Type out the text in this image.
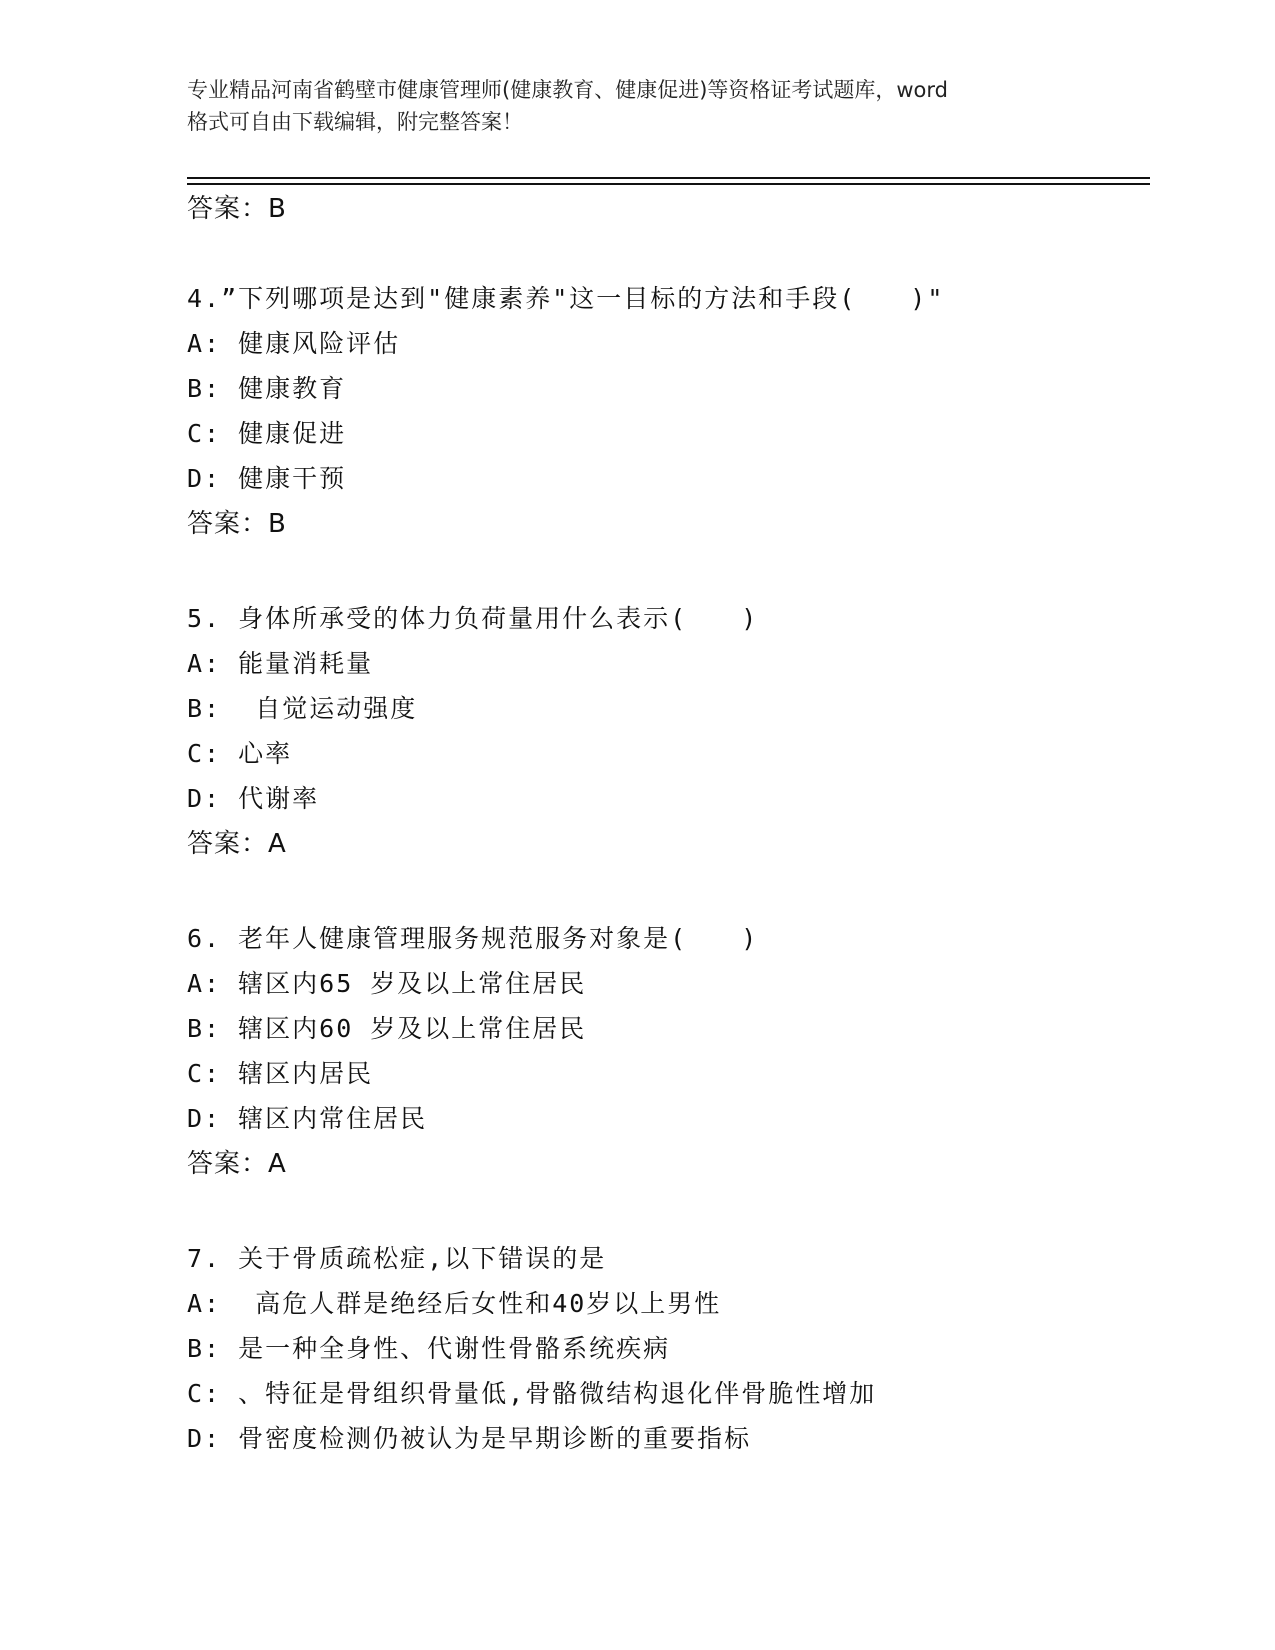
专业精品河南省鹤壁市健康管理师(健康教育、健康促进)等资格证考试题库，word
格式可自由下载编辑，附完整答案！
答案：B
4.”下列哪项是达到"健康素养"这一目标的方法和手段(　　)"
A: 健康风险评估
B: 健康教育
C: 健康促进
D: 健康干预
答案：B
5. 身体所承受的体力负荷量用什么表示(　　)
A: 能量消耗量
B:  自觉运动强度
C: 心率
D: 代谢率
答案：A
6. 老年人健康管理服务规范服务对象是(　　)
A: 辖区内65 岁及以上常住居民
B: 辖区内60 岁及以上常住居民
C: 辖区内居民
D: 辖区内常住居民
答案：A
7. 关于骨质疏松症,以下错误的是
A:  高危人群是绝经后女性和40岁以上男性
B: 是一种全身性、代谢性骨骼系统疾病
C: 、特征是骨组织骨量低,骨骼微结构退化伴骨脆性增加
D: 骨密度检测仍被认为是早期诊断的重要指标
